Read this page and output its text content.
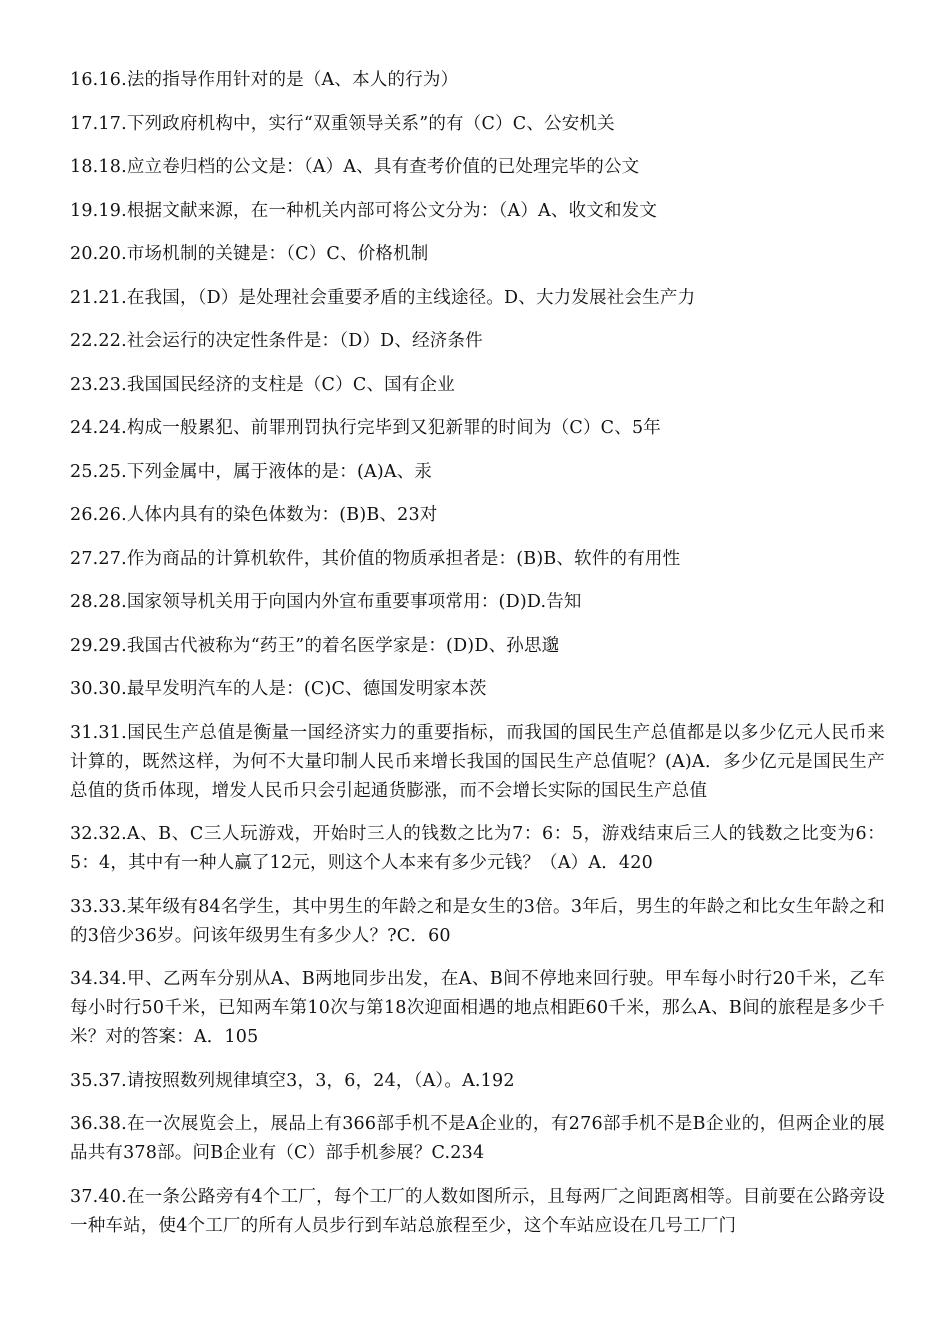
16.16.法的指导作用针对的是（A、本人的行为）

17.17.下列政府机构中，实行“双重领导关系”的有（C）C、公安机关

18.18.应立卷归档的公文是：（A）A、具有查考价值的已处理完毕的公文

19.19.根据文献来源，在一种机关内部可将公文分为：（A）A、收文和发文

20.20.市场机制的关键是：（C）C、价格机制

21.21.在我国，（D）是处理社会重要矛盾的主线途径。D、大力发展社会生产力

22.22.社会运行的决定性条件是：（D）D、经济条件

23.23.我国国民经济的支柱是（C）C、国有企业

24.24.构成一般累犯、前罪刑罚执行完毕到又犯新罪的时间为（C）C、5年

25.25.下列金属中，属于液体的是：(A)A、汞

26.26.人体内具有的染色体数为：(B)B、23对

27.27.作为商品的计算机软件，其价值的物质承担者是：(B)B、软件的有用性

28.28.国家领导机关用于向国内外宣布重要事项常用：(D)D.告知

29.29.我国古代被称为“药王”的着名医学家是：(D)D、孙思邈

30.30.最早发明汽车的人是：(C)C、德国发明家本茨

31.31.国民生产总值是衡量一国经济实力的重要指标，而我国的国民生产总值都是以多少亿元人民币来计算的，既然这样，为何不大量印制人民币来增长我国的国民生产总值呢？(A)A．多少亿元是国民生产总值的货币体现，增发人民币只会引起通货膨涨，而不会增长实际的国民生产总值

32.32.A、B、C三人玩游戏，开始时三人的钱数之比为7：6：5，游戏结束后三人的钱数之比变为6：5：4，其中有一种人赢了12元，则这个人本来有多少元钱？（A）A．420

33.33.某年级有84名学生，其中男生的年龄之和是女生的3倍。3年后，男生的年龄之和比女生年龄之和的3倍少36岁。问该年级男生有多少人？?C．60

34.34.甲、乙两车分别从A、B两地同步出发，在A、B间不停地来回行驶。甲车每小时行20千米，乙车每小时行50千米，已知两车第10次与第18次迎面相遇的地点相距60千米，那么A、B间的旅程是多少千米？对的答案：A．105

35.37.请按照数列规律填空3，3，6，24，（A）。A.192

36.38.在一次展览会上，展品上有366部手机不是A企业的，有276部手机不是B企业的，但两企业的展品共有378部。问B企业有（C）部手机参展？C.234

37.40.在一条公路旁有4个工厂，每个工厂的人数如图所示，且每两厂之间距离相等。目前要在公路旁设一种车站，使4个工厂的所有人员步行到车站总旅程至少，这个车站应设在几号工厂门
